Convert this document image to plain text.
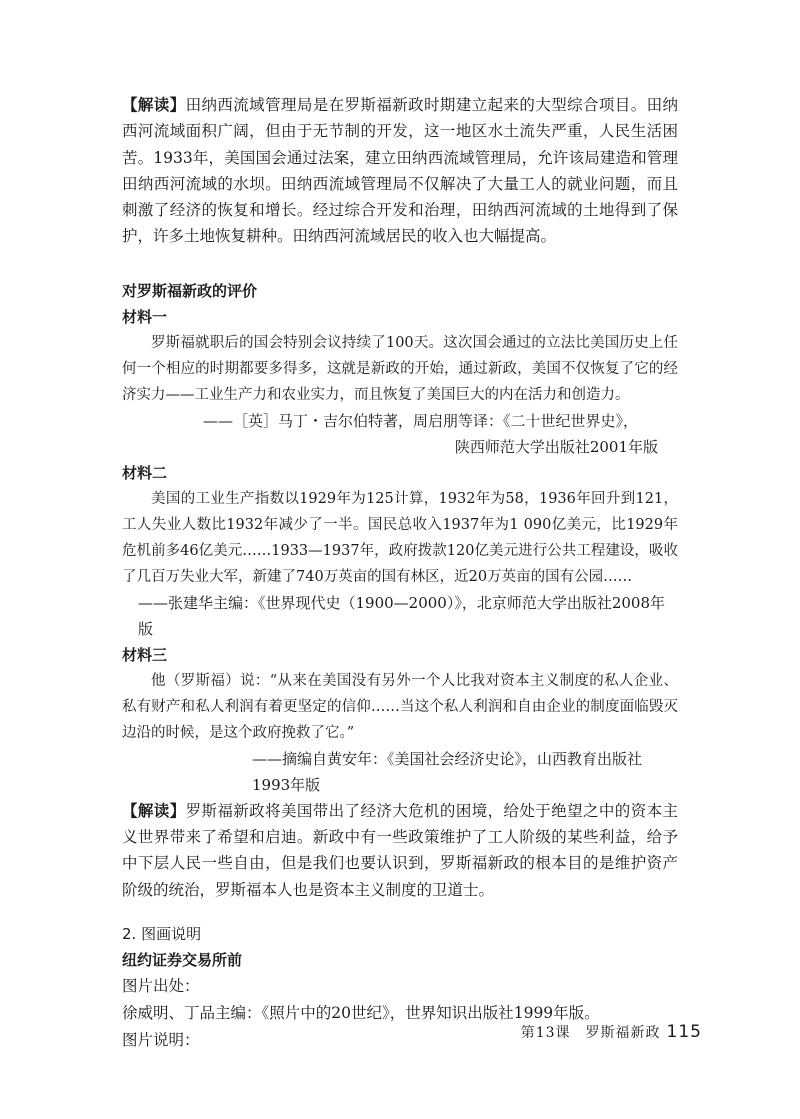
【解读】田纳西流域管理局是在罗斯福新政时期建立起来的大型综合项目。田纳西河流域面积广阔，但由于无节制的开发，这一地区水土流失严重，人民生活困苦。1933年，美国国会通过法案，建立田纳西流域管理局，允许该局建造和管理田纳西河流域的水坝。田纳西流域管理局不仅解决了大量工人的就业问题，而且刺激了经济的恢复和增长。经过综合开发和治理，田纳西河流域的土地得到了保护，许多土地恢复耕种。田纳西河流域居民的收入也大幅提高。

对罗斯福新政的评价

材料一

罗斯福就职后的国会特别会议持续了100天。这次国会通过的立法比美国历史上任何一个相应的时期都要多得多，这就是新政的开始，通过新政，美国不仅恢复了它的经济实力——工业生产力和农业实力，而且恢复了美国巨大的内在活力和创造力。

——［英］马丁・吉尔伯特著，周启朋等译：《二十世纪世界史》，

陕西师范大学出版社2001年版

材料二

美国的工业生产指数以1929年为125计算，1932年为58，1936年回升到121，工人失业人数比1932年减少了一半。国民总收入1937年为1 090亿美元，比1929年危机前多46亿美元……1933—1937年，政府拨款120亿美元进行公共工程建设，吸收了几百万失业大军，新建了740万英亩的国有林区，近20万英亩的国有公园……

——张建华主编：《世界现代史（1900—2000）》，北京师范大学出版社2008年版

材料三

他（罗斯福）说：“从来在美国没有另外一个人比我对资本主义制度的私人企业、私有财产和私人利润有着更坚定的信仰……当这个私人利润和自由企业的制度面临毁灭边沿的时候，是这个政府挽救了它。”

——摘编自黄安年：《美国社会经济史论》，山西教育出版社1993年版

【解读】罗斯福新政将美国带出了经济大危机的困境，给处于绝望之中的资本主义世界带来了希望和启迪。新政中有一些政策维护了工人阶级的某些利益，给予中下层人民一些自由，但是我们也要认识到，罗斯福新政的根本目的是维护资产阶级的统治，罗斯福本人也是资本主义制度的卫道士。

2. 图画说明

纽约证券交易所前

图片出处：

徐威明、丁品主编：《照片中的20世纪》，世界知识出版社1999年版。

图片说明：	第13课　罗斯福新政 115
